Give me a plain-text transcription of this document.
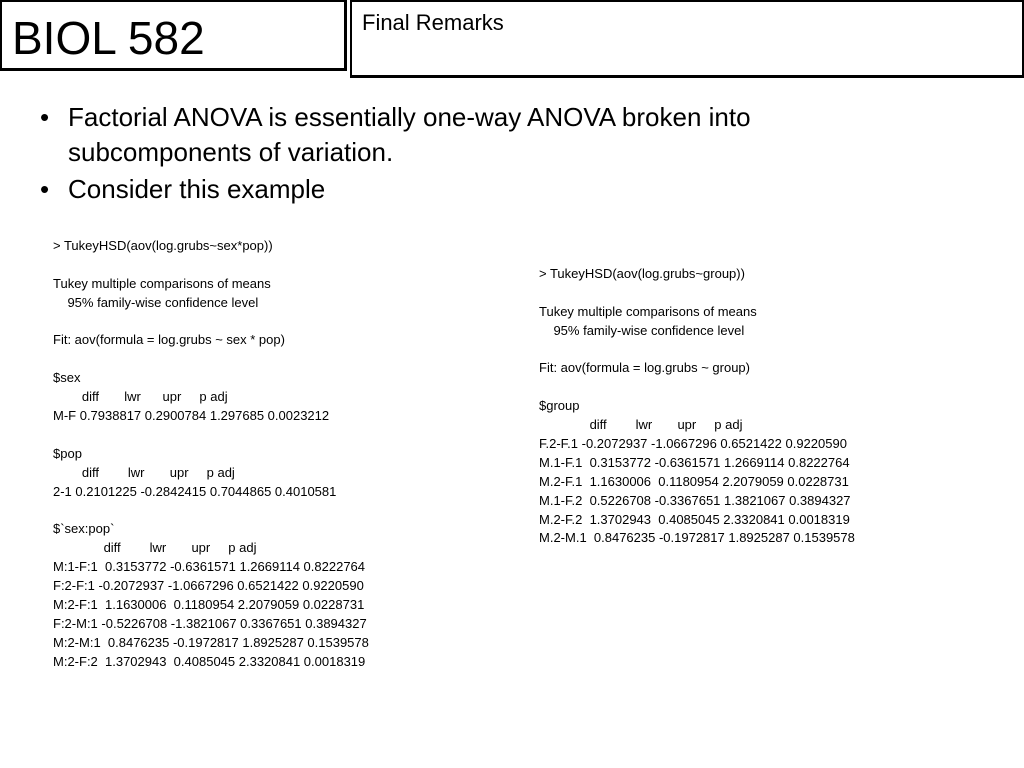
BIOL 582	Final Remarks
• Factorial ANOVA is essentially one-way ANOVA broken into subcomponents of variation.
• Consider this example
> TukeyHSD(aov(log.grubs~sex*pop))
Tukey multiple comparisons of means
95% family-wise confidence level
Fit: aov(formula = log.grubs ~ sex * pop)
$sex
diff       lwr      upr     p adj
M-F 0.7938817 0.2900784 1.297685 0.0023212
$pop
diff        lwr       upr     p adj
2-1 0.2101225 -0.2842415 0.7044865 0.4010581
$`sex:pop`
diff        lwr       upr     p adj
M:1-F:1  0.3153772 -0.6361571 1.2669114 0.8222764
F:2-F:1 -0.2072937 -1.0667296 0.6521422 0.9220590
M:2-F:1  1.1630006  0.1180954 2.2079059 0.0228731
F:2-M:1 -0.5226708 -1.3821067 0.3367651 0.3894327
M:2-M:1  0.8476235 -0.1972817 1.8925287 0.1539578
M:2-F:2  1.3702943  0.4085045 2.3320841 0.0018319
> TukeyHSD(aov(log.grubs~group))
Tukey multiple comparisons of means
95% family-wise confidence level
Fit: aov(formula = log.grubs ~ group)
$group
diff        lwr       upr     p adj
F.2-F.1 -0.2072937 -1.0667296 0.6521422 0.9220590
M.1-F.1  0.3153772 -0.6361571 1.2669114 0.8222764
M.2-F.1  1.1630006  0.1180954 2.2079059 0.0228731
M.1-F.2  0.5226708 -0.3367651 1.3821067 0.3894327
M.2-F.2  1.3702943  0.4085045 2.3320841 0.0018319
M.2-M.1  0.8476235 -0.1972817 1.8925287 0.1539578
